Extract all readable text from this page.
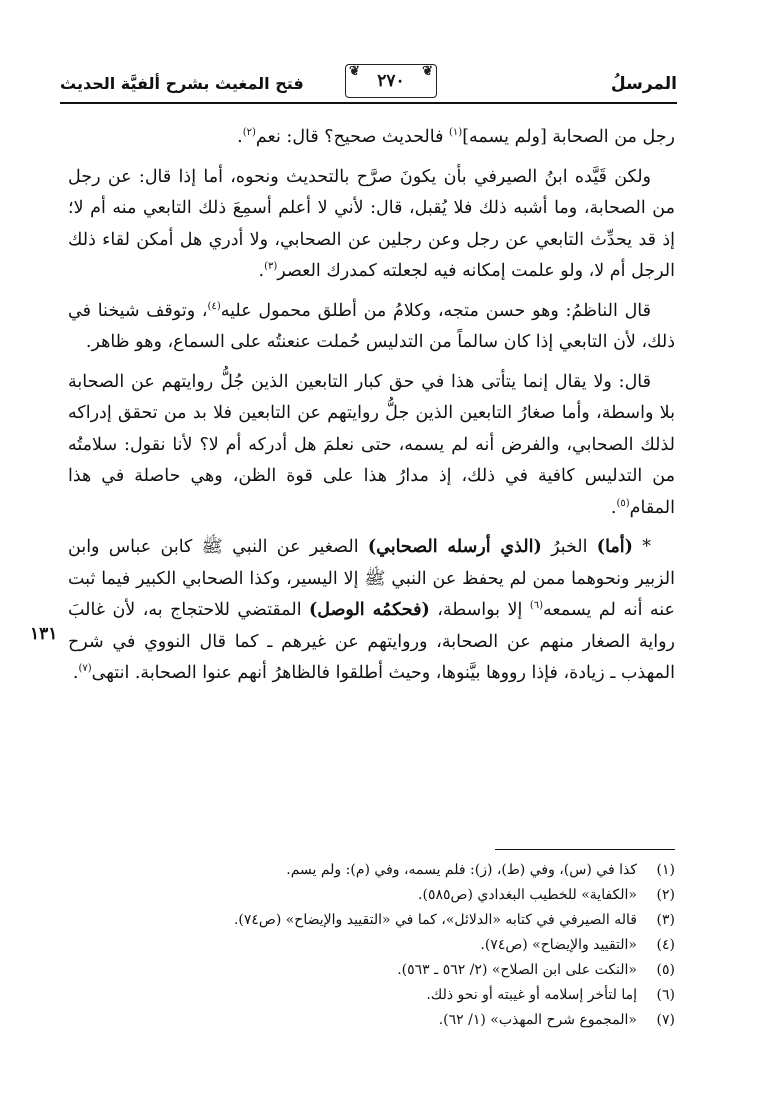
فتح المغيث بشرح ألفيَّة الحديث
❦ ٢٧٠ ❦
المرسلُ
١٣١

رجل من الصحابة [ولم يسمه]$^{(١)}$ فالحديث صحيح؟ قال: نعم$^{(٢)}$.

ولكن قَيَّده ابنُ الصيرفي بأن يكونَ صرَّح بالتحديث ونحوه، أما إذا قال: عن رجل من الصحابة، وما أشبه ذلك فلا يُقبل، قال: لأني لا أعلم أسمِعَ ذلك التابعي منه أم لا؛ إذ قد يحدِّث التابعي عن رجل وعن رجلين عن الصحابي، ولا أدري هل أمكن لقاء ذلك الرجل أم لا، ولو علمت إمكانه فيه لجعلته كمدرك العصر$^{(٣)}$.

قال الناظمُ: وهو حسن متجه، وكلامُ من أطلق محمول عليه$^{(٤)}$، وتوقف شيخنا في ذلك، لأن التابعي إذا كان سالماً من التدليس حُملت عنعنتُه على السماع، وهو ظاهر.

قال: ولا يقال إنما يتأتى هذا في حق كبار التابعين الذين جُلُّ روايتهم عن الصحابة بلا واسطة، وأما صغارُ التابعين الذين جلُّ روايتهم عن التابعين فلا بد من تحقق إدراكه لذلك الصحابي، والفرض أنه لم يسمه، حتى نعلمَ هل أدركه أم لا؟ لأنا نقول: سلامتُه من التدليس كافية في ذلك، إذ مدارُ هذا على قوة الظن، وهي حاصلة في هذا المقام$^{(٥)}$.

* (أما) الخبرُ (الذي أرسله الصحابي) الصغير عن النبي ﷺ كابن عباس وابن الزبير ونحوهما ممن لم يحفظ عن النبي ﷺ إلا اليسير، وكذا الصحابي الكبير فيما ثبت عنه أنه لم يسمعه$^{(٦)}$ إلا بواسطة، (فحكمُه الوصل) المقتضي للاحتجاج به، لأن غالبَ رواية الصغار منهم عن الصحابة، وروايتهم عن غيرهم ـ كما قال النووي في شرح المهذب ـ زيادة، فإذا رووها بيَّنوها، وحيث أطلقوا فالظاهرُ أنهم عنوا الصحابة. انتهى$^{(٧)}$.

(١)
كذا في (س)، وفي (ط)، (ز): فلم يسمه، وفي (م): ولم يسم.
(٢)
«الكفاية» للخطيب البغدادي (ص٥٨٥).
(٣)
قاله الصيرفي في كتابه «الدلائل»، كما في «التقييد والإيضاح» (ص٧٤).
(٤)
«التقييد والإيضاح» (ص٧٤).
(٥)
«النكت على ابن الصلاح» (٢/ ٥٦٢ ـ ٥٦٣).
(٦)
إما لتأخر إسلامه أو غيبته أو نحو ذلك.
(٧)
«المجموع شرح المهذب» (١/ ٦٢).
